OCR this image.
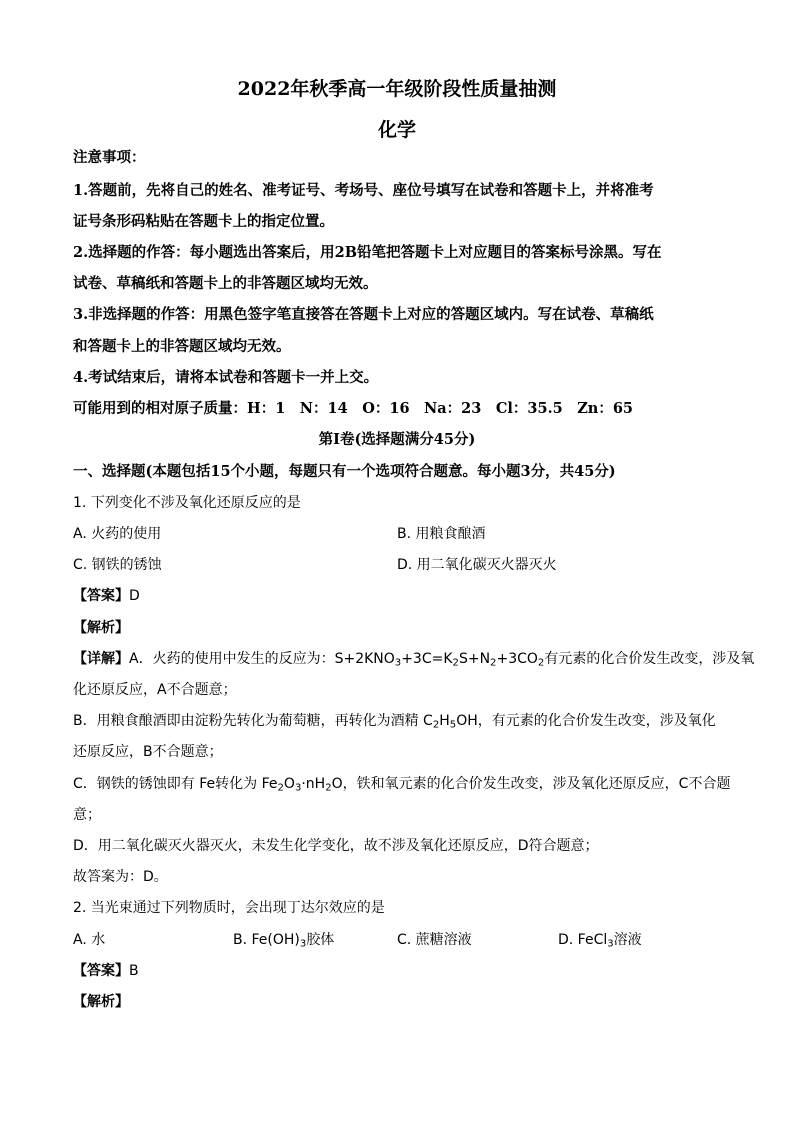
2022年秋季高一年级阶段性质量抽测
化学
注意事项：
1.答题前，先将自己的姓名、准考证号、考场号、座位号填写在试卷和答题卡上，并将准考
证号条形码粘贴在答题卡上的指定位置。
2.选择题的作答：每小题选出答案后，用2B铅笔把答题卡上对应题目的答案标号涂黑。写在
试卷、草稿纸和答题卡上的非答题区域均无效。
3.非选择题的作答：用黑色签字笔直接答在答题卡上对应的答题区域内。写在试卷、草稿纸
和答题卡上的非答题区域均无效。
4.考试结束后，请将本试卷和答题卡一并上交。
可能用到的相对原子质量：H：1　N：14　O：16　Na：23　Cl：35.5　Zn：65
第I卷(选择题满分45分)
一、选择题(本题包括15个小题，每题只有一个选项符合题意。每小题3分，共45分)
1. 下列变化不涉及氧化还原反应的是
A. 火药的使用	B. 用粮食酿酒
C. 钢铁的锈蚀	D. 用二氧化碳灭火器灭火
【答案】D
【解析】
【详解】A．火药的使用中发生的反应为：$S+2KNO_3+3C=K_2S+N_2+3CO_2$有元素的化合价发生改变，涉及氧
化还原反应，A不合题意；
B．用粮食酿酒即由淀粉先转化为葡萄糖，再转化为酒精 $C_2H_5OH$，有元素的化合价发生改变，涉及氧化
还原反应，B不合题意；
C．钢铁的锈蚀即有 Fe转化为 $Fe_2O_3\cdot nH_2O$，铁和氧元素的化合价发生改变，涉及氧化还原反应，C不合题
意；
D．用二氧化碳灭火器灭火，未发生化学变化，故不涉及氧化还原反应，D符合题意；
故答案为：D。
2. 当光束通过下列物质时，会出现丁达尔效应的是
A. 水	B. $Fe(OH)_3$胶体	C. 蔗糖溶液	D. FeCl$_3$溶液
【答案】B
【解析】
